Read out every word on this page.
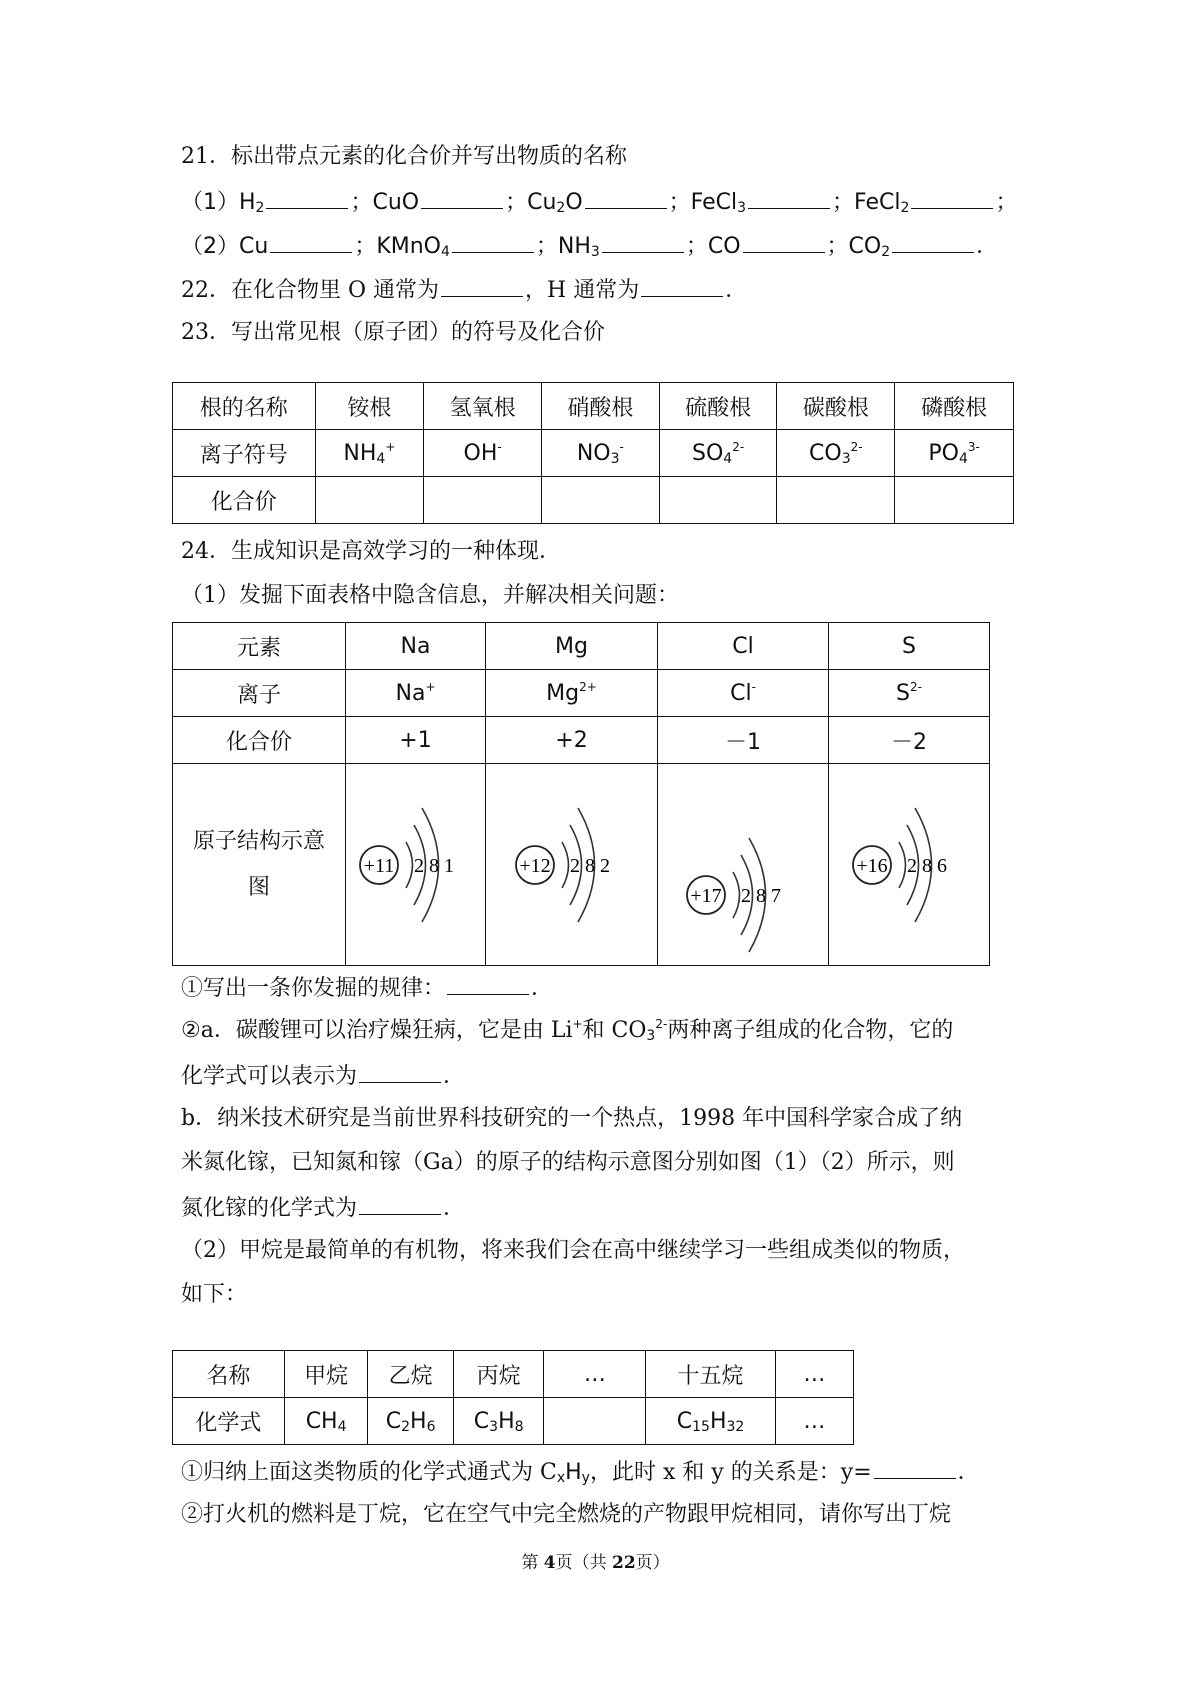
21．标出带点元素的化合价并写出物质的名称
$(1)H_2$	；CuO	；$Cu_2O$	；FeCl$_3$	；FeCl$_2$	；
（2）Cu	；KMnO$_4$	；$NH_3$	；CO	；$CO_2$	．
22．在化合物里 O 通常为	，H 通常为	．
23．写出常见根（原子团）的符号及化合价
根的名称	铵根	氢氧根	硝酸根	硫酸根	碳酸根	磷酸根
离子符号	$NH_4^+$	OH-	$NO_3^-$	$SO_4^{2-}$	$CO_3^{2-}$	$PO_4^{3-}$
化合价						
24．生成知识是高效学习的一种体现．
（1）发掘下面表格中隐含信息，并解决相关问题：
元素	Na	Mg	Cl	S
离子	Na+	$Mg^{2+}$	Cl-	$S^{2-}$
化合价	+1	+2	－1	－2
原子结构示意
图	+11 2 8 1	+12 2 8 2	+17 2 8 7	+16 2 8 6
①写出一条你发掘的规律：	．
②a．碳酸锂可以治疗燥狂病，它是由 Li+和 $CO_3^{2-}$两种离子组成的化合物，它的
化学式可以表示为	．
b．纳米技术研究是当前世界科技研究的一个热点，1998 年中国科学家合成了纳
米氮化镓，已知氮和镓（Ga）的原子的结构示意图分别如图（1）（2）所示，则
氮化镓的化学式为	．
（2）甲烷是最简单的有机物，将来我们会在高中继续学习一些组成类似的物质，
如下：
名称	甲烷	乙烷	丙烷	…	十五烷	…
化学式	$CH_4$	$C_2H_6$	$C_3H_8$		$C_{15}H_{32}$	…
①归纳上面这类物质的化学式通式为 $C_xH_y$，此时 x 和 y 的关系是：y=	．
②打火机的燃料是丁烷，它在空气中完全燃烧的产物跟甲烷相同，请你写出丁烷
第 4页（共 22页）
